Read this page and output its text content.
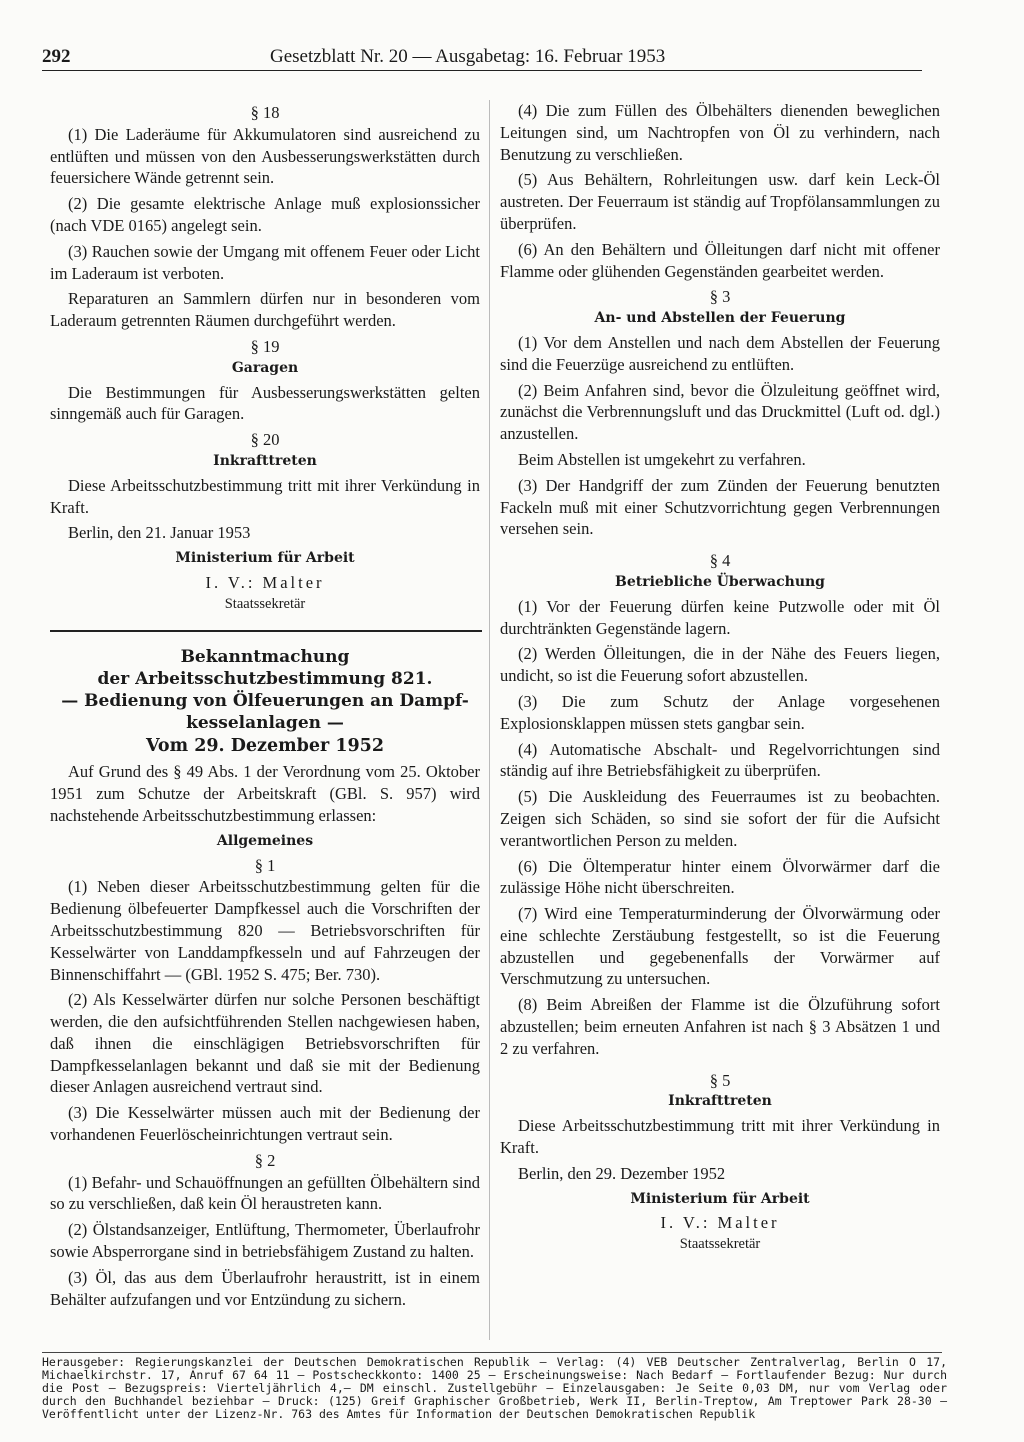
292	Gesetzblatt Nr. 20 — Ausgabetag: 16. Februar 1953

§ 18

(1) Die Laderäume für Akkumulatoren sind ausreichend zu entlüften und müssen von den Ausbesserungswerkstätten durch feuersichere Wände getrennt sein.

(2) Die gesamte elektrische Anlage muß explosionssicher (nach VDE 0165) angelegt sein.

(3) Rauchen sowie der Umgang mit offenem Feuer oder Licht im Laderaum ist verboten.

Reparaturen an Sammlern dürfen nur in besonderen vom Laderaum getrennten Räumen durchgeführt werden.

§ 19

Garagen

Die Bestimmungen für Ausbesserungswerkstätten gelten sinngemäß auch für Garagen.

§ 20

Inkrafttreten

Diese Arbeitsschutzbestimmung tritt mit ihrer Verkündung in Kraft.

Berlin, den 21. Januar 1953

Ministerium für Arbeit

I. V.: Malter

Staatssekretär

Bekanntmachung

der Arbeitsschutzbestimmung 821.

— Bedienung von Ölfeuerungen an Dampf-

kesselanlagen —

Vom 29. Dezember 1952

Auf Grund des § 49 Abs. 1 der Verordnung vom 25. Oktober 1951 zum Schutze der Arbeitskraft (GBl. S. 957) wird nachstehende Arbeitsschutzbestimmung erlassen:

Allgemeines

§ 1

(1) Neben dieser Arbeitsschutzbestimmung gelten für die Bedienung ölbefeuerter Dampfkessel auch die Vorschriften der Arbeitsschutzbestimmung 820 — Betriebsvorschriften für Kesselwärter von Landdampfkesseln und auf Fahrzeugen der Binnenschiffahrt — (GBl. 1952 S. 475; Ber. 730).

(2) Als Kesselwärter dürfen nur solche Personen beschäftigt werden, die den aufsichtführenden Stellen nachgewiesen haben, daß ihnen die einschlägigen Betriebsvorschriften für Dampfkesselanlagen bekannt und daß sie mit der Bedienung dieser Anlagen ausreichend vertraut sind.

(3) Die Kesselwärter müssen auch mit der Bedienung der vorhandenen Feuerlöscheinrichtungen vertraut sein.

§ 2

(1) Befahr- und Schauöffnungen an gefüllten Ölbehältern sind so zu verschließen, daß kein Öl heraustreten kann.

(2) Ölstandsanzeiger, Entlüftung, Thermometer, Überlaufrohr sowie Absperrorgane sind in betriebsfähigem Zustand zu halten.

(3) Öl, das aus dem Überlaufrohr heraustritt, ist in einem Behälter aufzufangen und vor Entzündung zu sichern.

(4) Die zum Füllen des Ölbehälters dienenden beweglichen Leitungen sind, um Nachtropfen von Öl zu verhindern, nach Benutzung zu verschließen.

(5) Aus Behältern, Rohrleitungen usw. darf kein Leck-Öl austreten. Der Feuerraum ist ständig auf Tropfölansammlungen zu überprüfen.

(6) An den Behältern und Ölleitungen darf nicht mit offener Flamme oder glühenden Gegenständen gearbeitet werden.

§ 3

An- und Abstellen der Feuerung

(1) Vor dem Anstellen und nach dem Abstellen der Feuerung sind die Feuerzüge ausreichend zu entlüften.

(2) Beim Anfahren sind, bevor die Ölzuleitung geöffnet wird, zunächst die Verbrennungsluft und das Druckmittel (Luft od. dgl.) anzustellen.

Beim Abstellen ist umgekehrt zu verfahren.

(3) Der Handgriff der zum Zünden der Feuerung benutzten Fackeln muß mit einer Schutzvorrichtung gegen Verbrennungen versehen sein.

§ 4

Betriebliche Überwachung

(1) Vor der Feuerung dürfen keine Putzwolle oder mit Öl durchtränkten Gegenstände lagern.

(2) Werden Ölleitungen, die in der Nähe des Feuers liegen, undicht, so ist die Feuerung sofort abzustellen.

(3) Die zum Schutz der Anlage vorgesehenen Explosionsklappen müssen stets gangbar sein.

(4) Automatische Abschalt- und Regelvorrichtungen sind ständig auf ihre Betriebsfähigkeit zu überprüfen.

(5) Die Auskleidung des Feuerraumes ist zu beobachten. Zeigen sich Schäden, so sind sie sofort der für die Aufsicht verantwortlichen Person zu melden.

(6) Die Öltemperatur hinter einem Ölvorwärmer darf die zulässige Höhe nicht überschreiten.

(7) Wird eine Temperaturminderung der Ölvorwärmung oder eine schlechte Zerstäubung festgestellt, so ist die Feuerung abzustellen und gegebenenfalls der Vorwärmer auf Verschmutzung zu untersuchen.

(8) Beim Abreißen der Flamme ist die Ölzuführung sofort abzustellen; beim erneuten Anfahren ist nach § 3 Absätzen 1 und 2 zu verfahren.

§ 5

Inkrafttreten

Diese Arbeitsschutzbestimmung tritt mit ihrer Verkündung in Kraft.

Berlin, den 29. Dezember 1952

Ministerium für Arbeit

I. V.: Malter

Staatssekretär

Herausgeber: Regierungskanzlei der Deutschen Demokratischen Republik — Verlag: (4) VEB Deutscher Zentralverlag, Berlin O 17, Michaelkirchstr. 17, Anruf 67 64 11 — Postscheckkonto: 1400 25 — Erscheinungsweise: Nach Bedarf — Fortlaufender Bezug: Nur durch die Post — Bezugspreis: Vierteljährlich 4,— DM einschl. Zustellgebühr — Einzelausgaben: Je Seite 0,03 DM, nur vom Verlag oder durch den Buchhandel beziehbar — Druck: (125) Greif Graphischer Großbetrieb, Werk II, Berlin-Treptow, Am Treptower Park 28-30 — Veröffentlicht unter der Lizenz-Nr. 763 des Amtes für Information der Deutschen Demokratischen Republik
